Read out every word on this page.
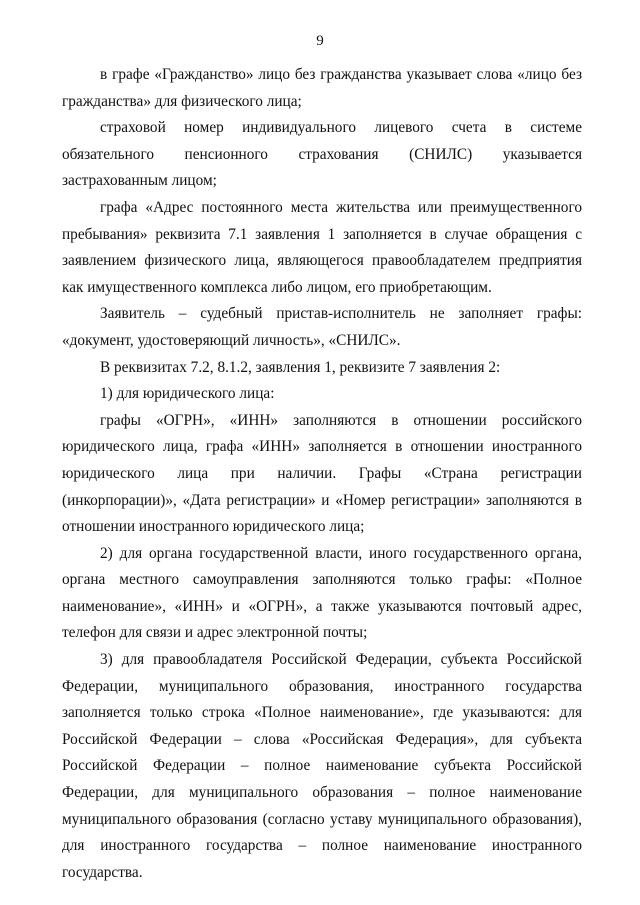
9

в графе «Гражданство» лицо без гражданства указывает слова «лицо без гражданства» для физического лица;

страховой номер индивидуального лицевого счета в системе обязательного пенсионного страхования (СНИЛС) указывается застрахованным лицом;

графа «Адрес постоянного места жительства или преимущественного пребывания» реквизита 7.1 заявления 1 заполняется в случае обращения с заявлением физического лица, являющегося правообладателем предприятия как имущественного комплекса либо лицом, его приобретающим.

Заявитель – судебный пристав-исполнитель не заполняет графы: «документ, удостоверяющий личность», «СНИЛС».

В реквизитах 7.2, 8.1.2, заявления 1, реквизите 7 заявления 2:

1) для юридического лица:

графы «ОГРН», «ИНН» заполняются в отношении российского юридического лица, графа «ИНН» заполняется в отношении иностранного юридического лица при наличии. Графы «Страна регистрации (инкорпорации)», «Дата регистрации» и «Номер регистрации» заполняются в отношении иностранного юридического лица;

2) для органа государственной власти, иного государственного органа, органа местного самоуправления заполняются только графы: «Полное наименование», «ИНН» и «ОГРН», а также указываются почтовый адрес, телефон для связи и адрес электронной почты;

3) для правообладателя Российской Федерации, субъекта Российской Федерации, муниципального образования, иностранного государства заполняется только строка «Полное наименование», где указываются: для Российской Федерации – слова «Российская Федерация», для субъекта Российской Федерации – полное наименование субъекта Российской Федерации, для муниципального образования – полное наименование муниципального образования (согласно уставу муниципального образования), для иностранного государства – полное наименование иностранного государства.
